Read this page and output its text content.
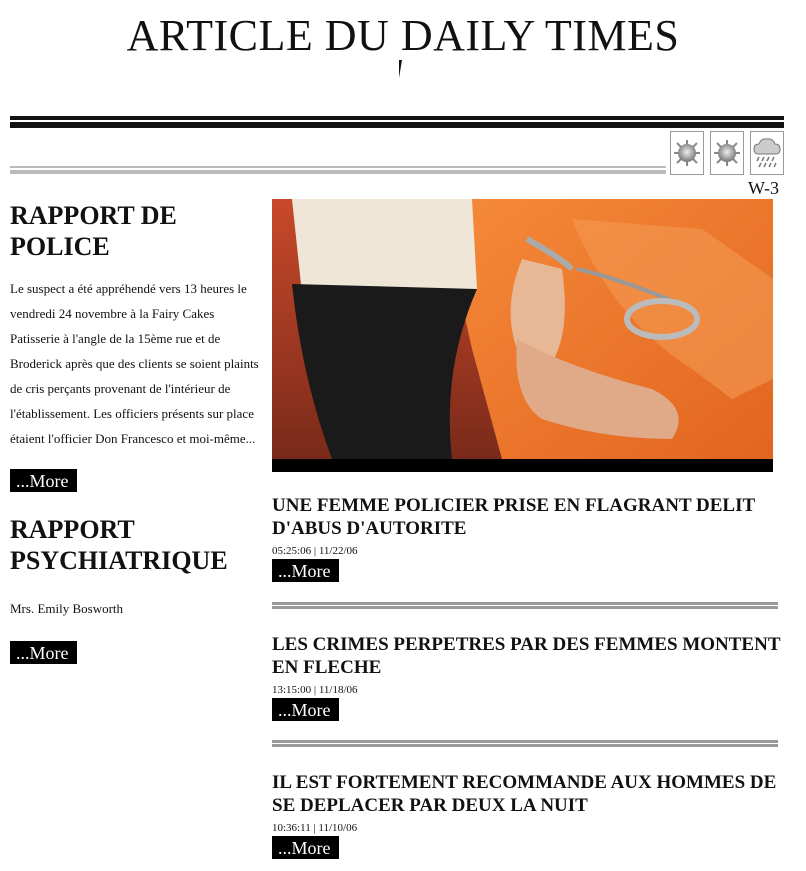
ARTICLE DU DAILY TIMES
W-3
RAPPORT DE POLICE
Le suspect a été appréhendé vers 13 heures le vendredi 24 novembre à la Fairy Cakes Patisserie à l'angle de la 15ème rue et de Broderick après que des clients se soient plaints de cris perçants provenant de l'intérieur de l'établissement. Les officiers présents sur place étaient l'officier Don Francesco et moi-même...
...More
RAPPORT PSYCHIATRIQUE
Mrs. Emily Bosworth
...More
UNE FEMME POLICIER PRISE EN FLAGRANT DELIT D'ABUS D'AUTORITE
05:25:06 | 11/22/06
...More
LES CRIMES PERPETRES PAR DES FEMMES MONTENT EN FLECHE
13:15:00 | 11/18/06
...More
IL EST FORTEMENT RECOMMANDE AUX HOMMES DE SE DEPLACER PAR DEUX LA NUIT
10:36:11 | 11/10/06
...More
